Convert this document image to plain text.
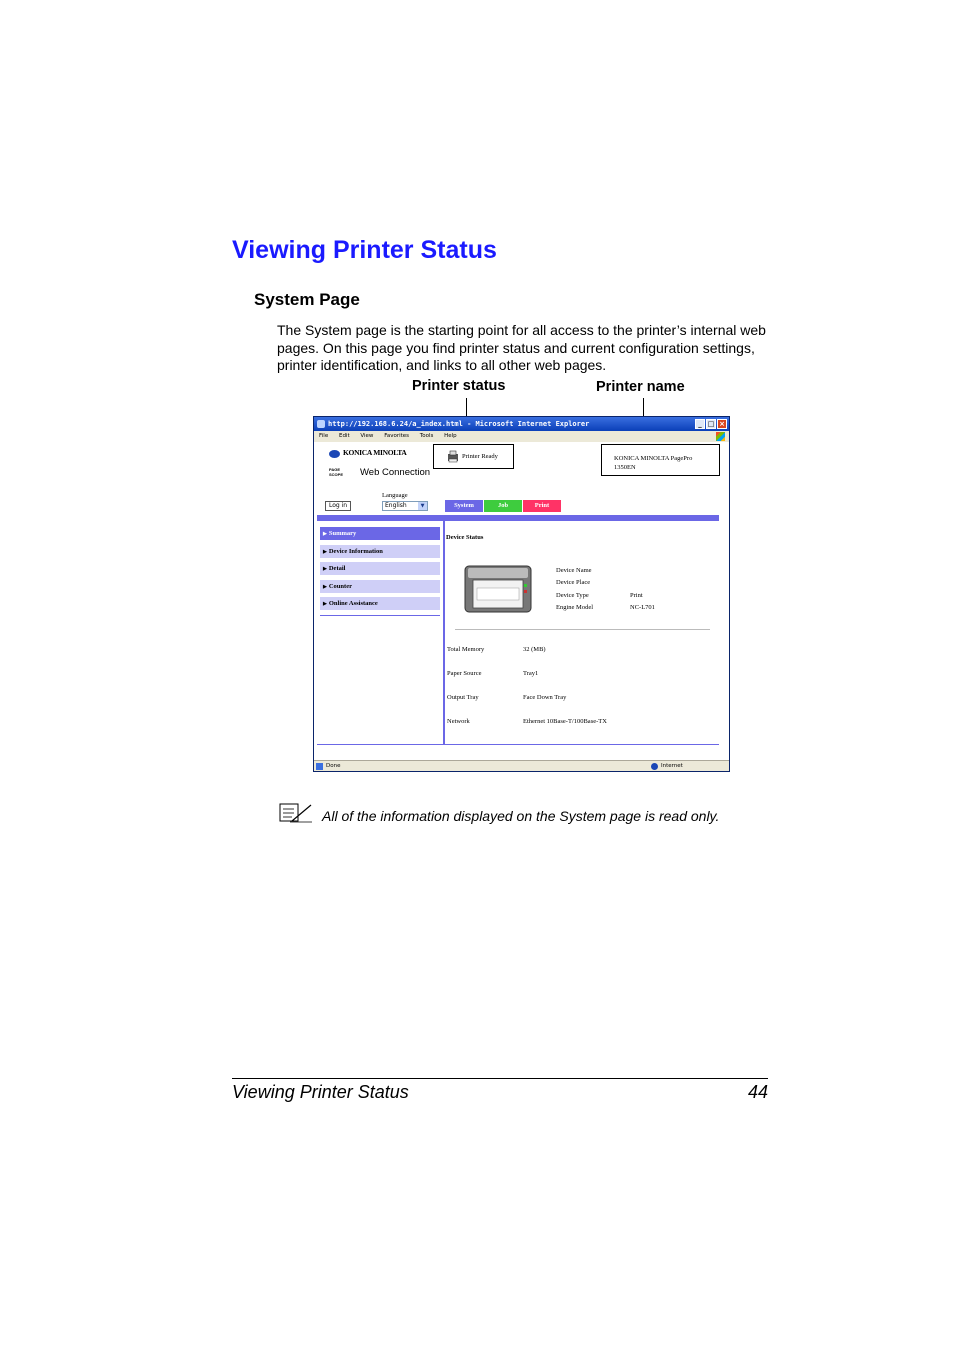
Viewing Printer Status
System Page
The System page is the starting point for all access to the printer’s internal web pages. On this page you find printer status and current configuration settings, printer identification, and links to all other web pages.
Printer status	Printer name
http://192.168.6.24/a_index.html - Microsoft Internet Explorer	_ □ ×
File Edit View Favorites Tools Help
KONICA MINOLTA
PAGE SCOPE Web Connection
Printer Ready	KONICA MINOLTA PagePro
1350EN
Language
Log in	English	▼	System	Job	Print
▶ Summary
▶ Device Information
▶ Detail
▶ Counter
▶ Online Assistance
Device Status
Device Name
Device Place
Device Type	Print
Engine Model	NC-L701
Total Memory	32 (MB)
Paper Source	Tray1
Output Tray	Face Down Tray
Network	Ethernet 10Base-T/100Base-TX
Done	Internet
All of the information displayed on the System page is read only.
Viewing Printer Status	44
